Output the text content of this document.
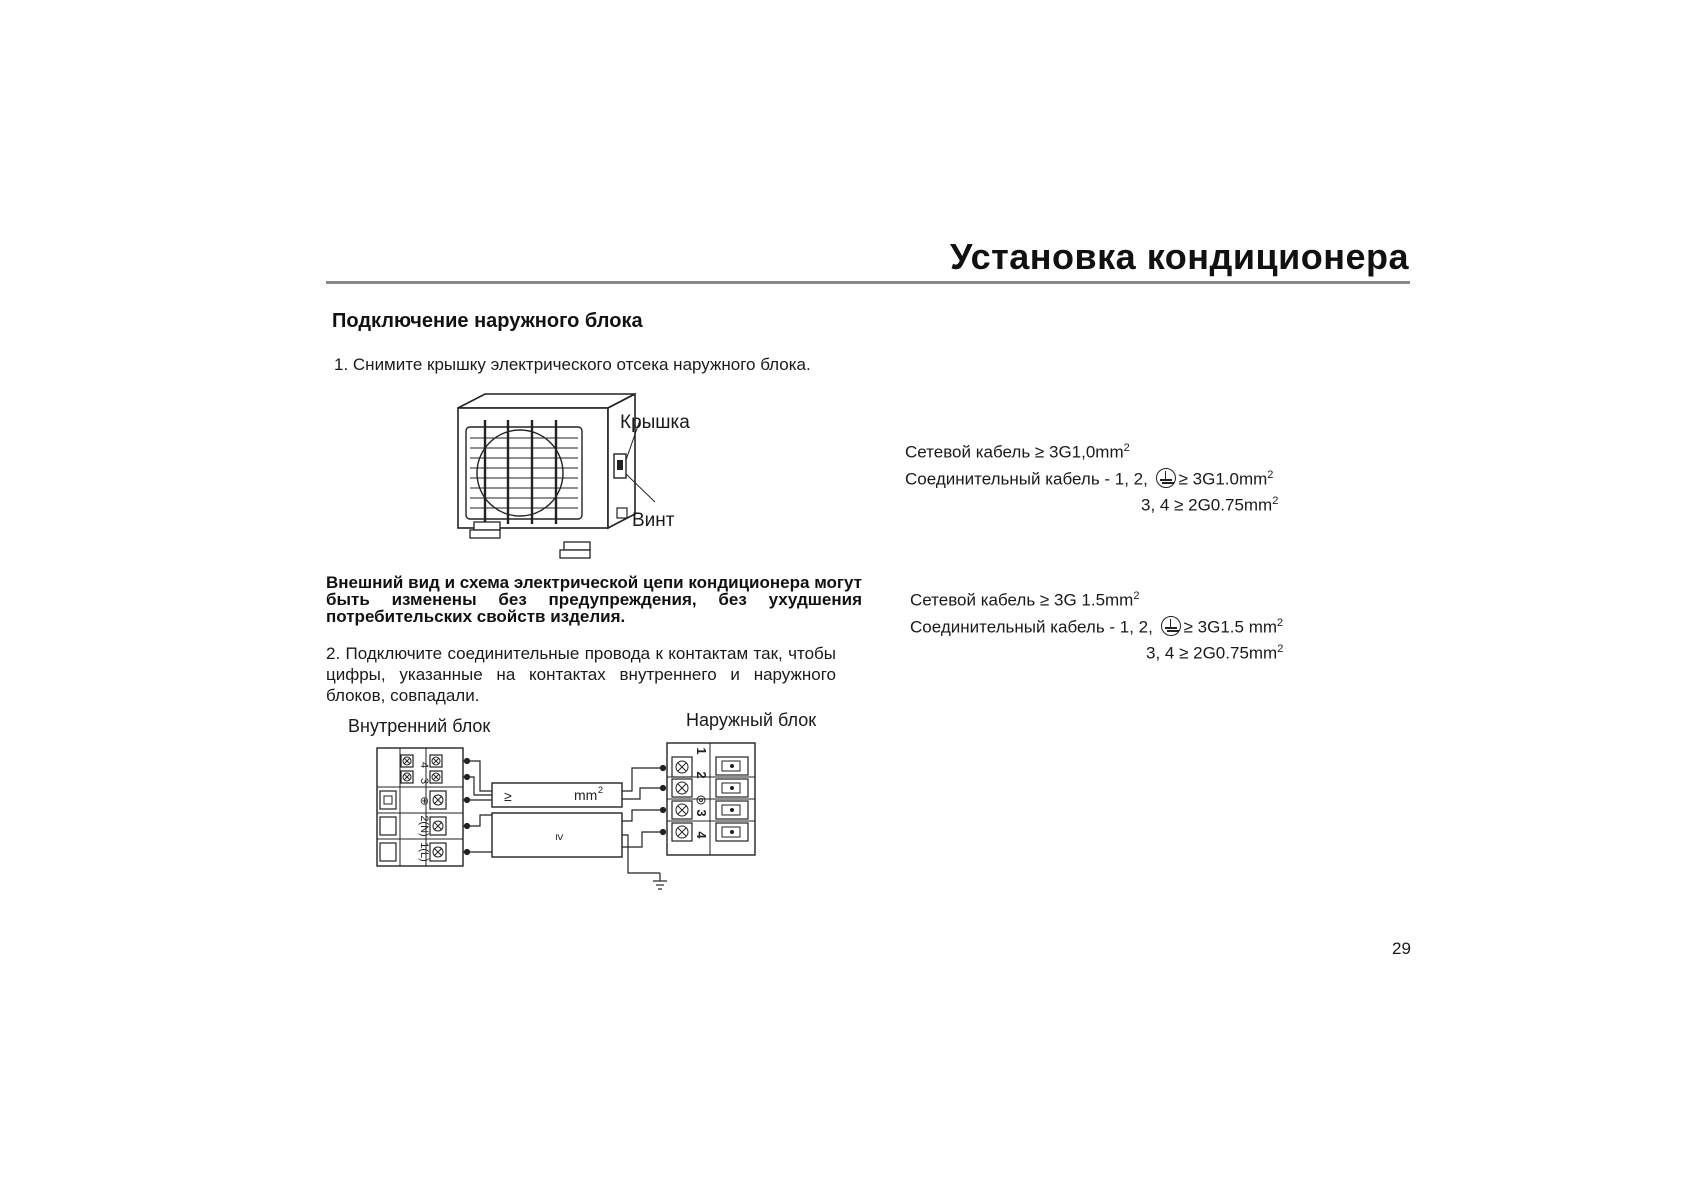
Установка кондиционера
Подключение наружного блока
1. Снимите крышку электрического отсека наружного блока.
Крышка
Винт
Внешний вид и схема электрической цепи кондиционера могут быть изменены без предупреждения, без ухудшения потребительских свойств изделия.
2. Подключите соединительные провода к контактам так, чтобы цифры, указанные на контактах внутреннего и наружного блоков, совпадали.
Внутренний блок	Наружный блок
4
3
⊕
2(N)
1(L)
≥	mm 2
≥
1
2
3
4
Сетевой кабель ≥ $3G1,0mm^2$
Соединительный кабель - 1, 2, ≥ $3G1.0mm^2$
3, $4 \ge 2G0.75mm^2$
Сетевой кабель ≥ 3G $1.5mm^2$
Соединительный кабель - 1, 2, ≥ 3G1.5 $mm^2$
3, $4 \ge 2G0.75mm^2$
29
